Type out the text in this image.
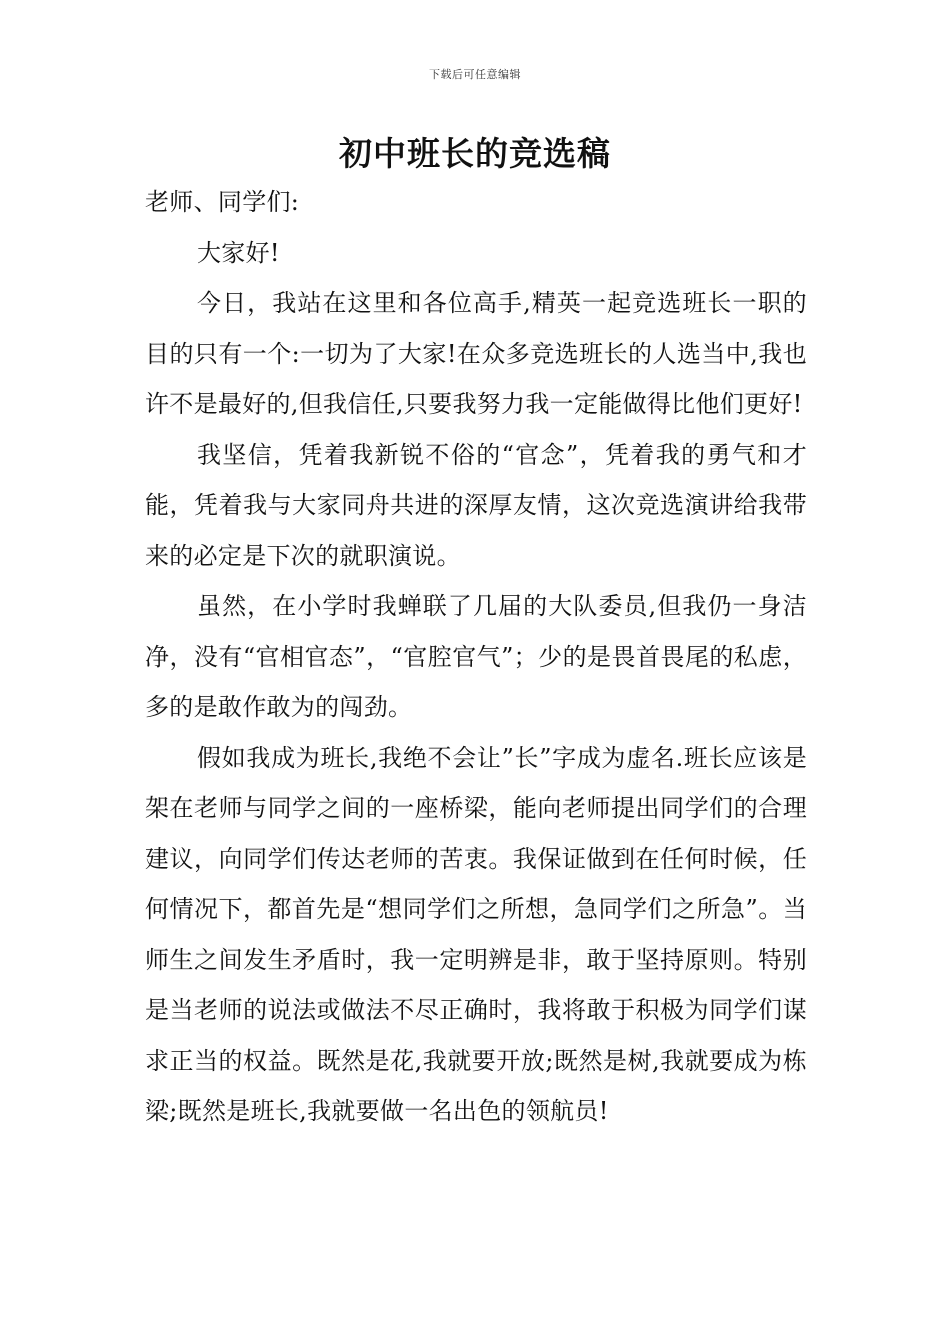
下载后可任意编辑
初中班长的竞选稿

老师、同学们:

大家好!

今日，我站在这里和各位高手,精英一起竞选班长一职的目的只有一个:一切为了大家!在众多竞选班长的人选当中,我也许不是最好的,但我信任,只要我努力我一定能做得比他们更好!

我坚信，凭着我新锐不俗的“官念”，凭着我的勇气和才能，凭着我与大家同舟共进的深厚友情，这次竞选演讲给我带来的必定是下次的就职演说。

虽然，在小学时我蝉联了几届的大队委员,但我仍一身洁净，没有“官相官态”，“官腔官气”；少的是畏首畏尾的私虑，多的是敢作敢为的闯劲。

假如我成为班长,我绝不会让”长”字成为虚名.班长应该是架在老师与同学之间的一座桥梁，能向老师提出同学们的合理建议，向同学们传达老师的苦衷。我保证做到在任何时候，任何情况下，都首先是“想同学们之所想，急同学们之所急”。当师生之间发生矛盾时，我一定明辨是非，敢于坚持原则。特别是当老师的说法或做法不尽正确时，我将敢于积极为同学们谋求正当的权益。既然是花,我就要开放;既然是树,我就要成为栋梁;既然是班长,我就要做一名出色的领航员!
